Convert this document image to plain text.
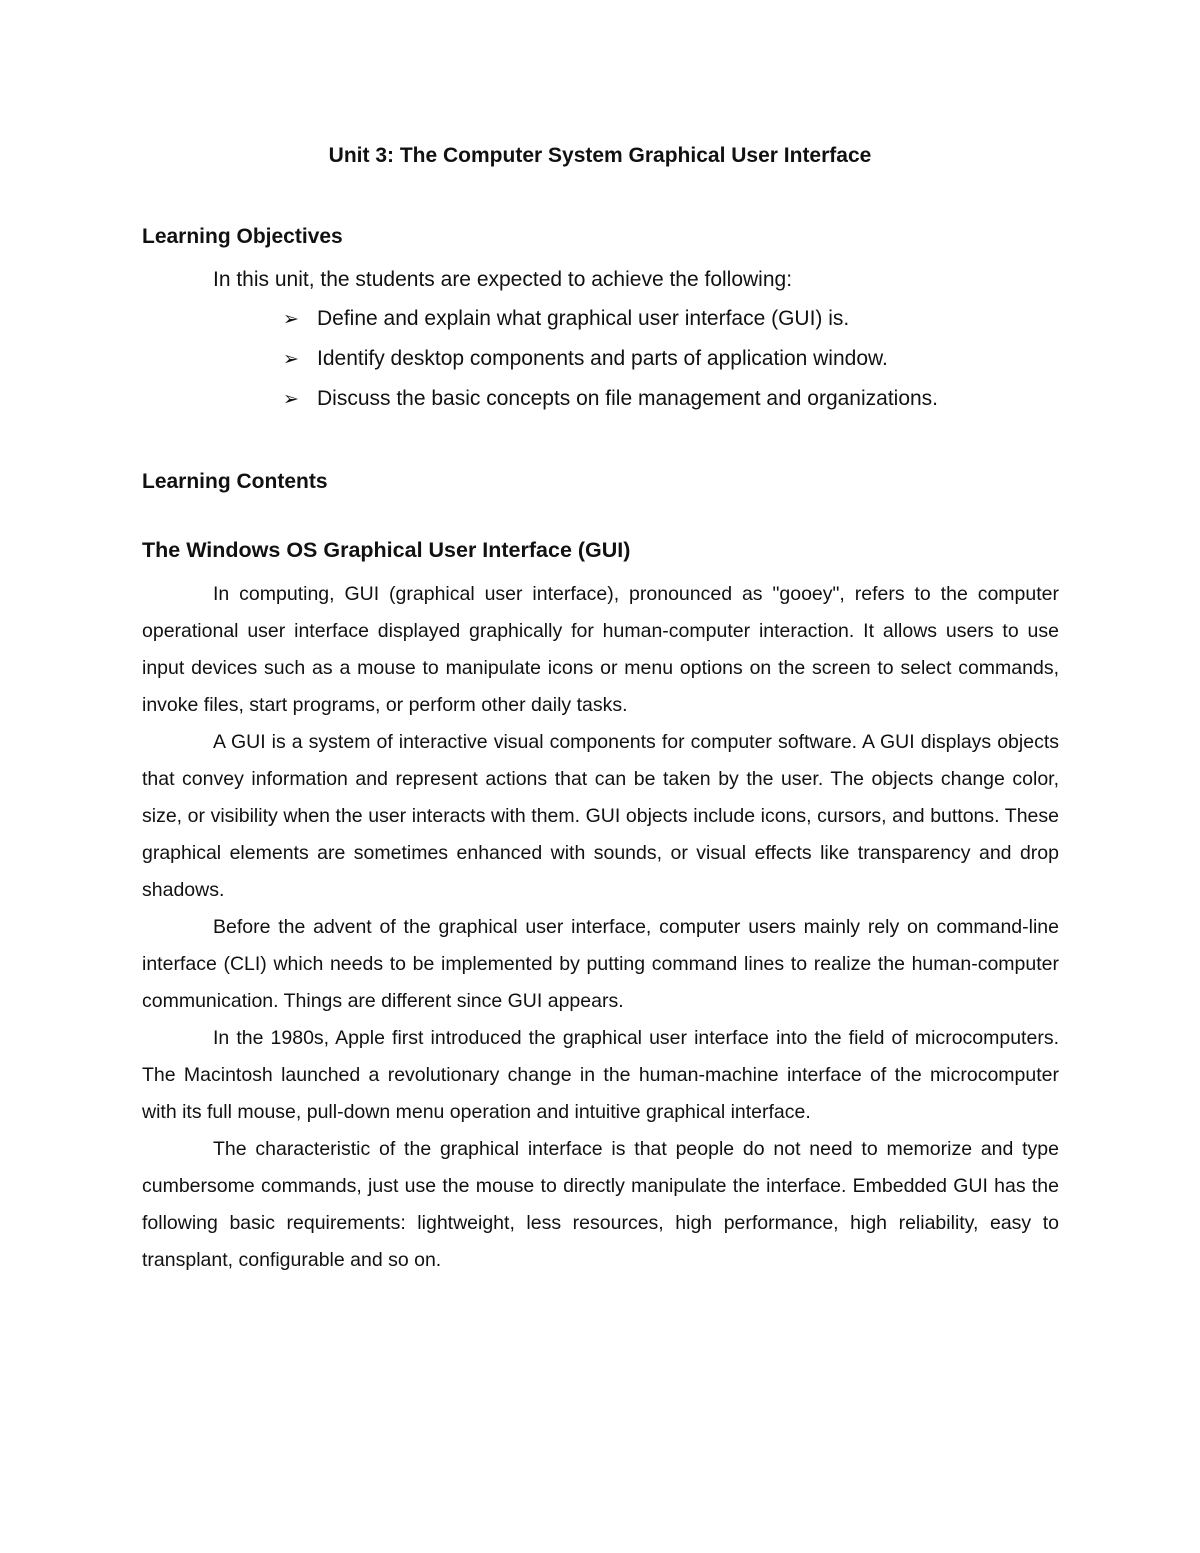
Unit 3: The Computer System Graphical User Interface
Learning Objectives

In this unit, the students are expected to achieve the following:

➢ Define and explain what graphical user interface (GUI) is.
➢ Identify desktop components and parts of application window.
➢ Discuss the basic concepts on file management and organizations.
Learning Contents
The Windows OS Graphical User Interface (GUI)

In computing, GUI (graphical user interface), pronounced as "gooey", refers to the computer operational user interface displayed graphically for human-computer interaction. It allows users to use input devices such as a mouse to manipulate icons or menu options on the screen to select commands, invoke files, start programs, or perform other daily tasks.

A GUI is a system of interactive visual components for computer software. A GUI displays objects that convey information and represent actions that can be taken by the user. The objects change color, size, or visibility when the user interacts with them. GUI objects include icons, cursors, and buttons. These graphical elements are sometimes enhanced with sounds, or visual effects like transparency and drop shadows.

Before the advent of the graphical user interface, computer users mainly rely on command-line interface (CLI) which needs to be implemented by putting command lines to realize the human-computer communication. Things are different since GUI appears.

In the 1980s, Apple first introduced the graphical user interface into the field of microcomputers. The Macintosh launched a revolutionary change in the human-machine interface of the microcomputer with its full mouse, pull-down menu operation and intuitive graphical interface.

The characteristic of the graphical interface is that people do not need to memorize and type cumbersome commands, just use the mouse to directly manipulate the interface. Embedded GUI has the following basic requirements: lightweight, less resources, high performance, high reliability, easy to transplant, configurable and so on.
